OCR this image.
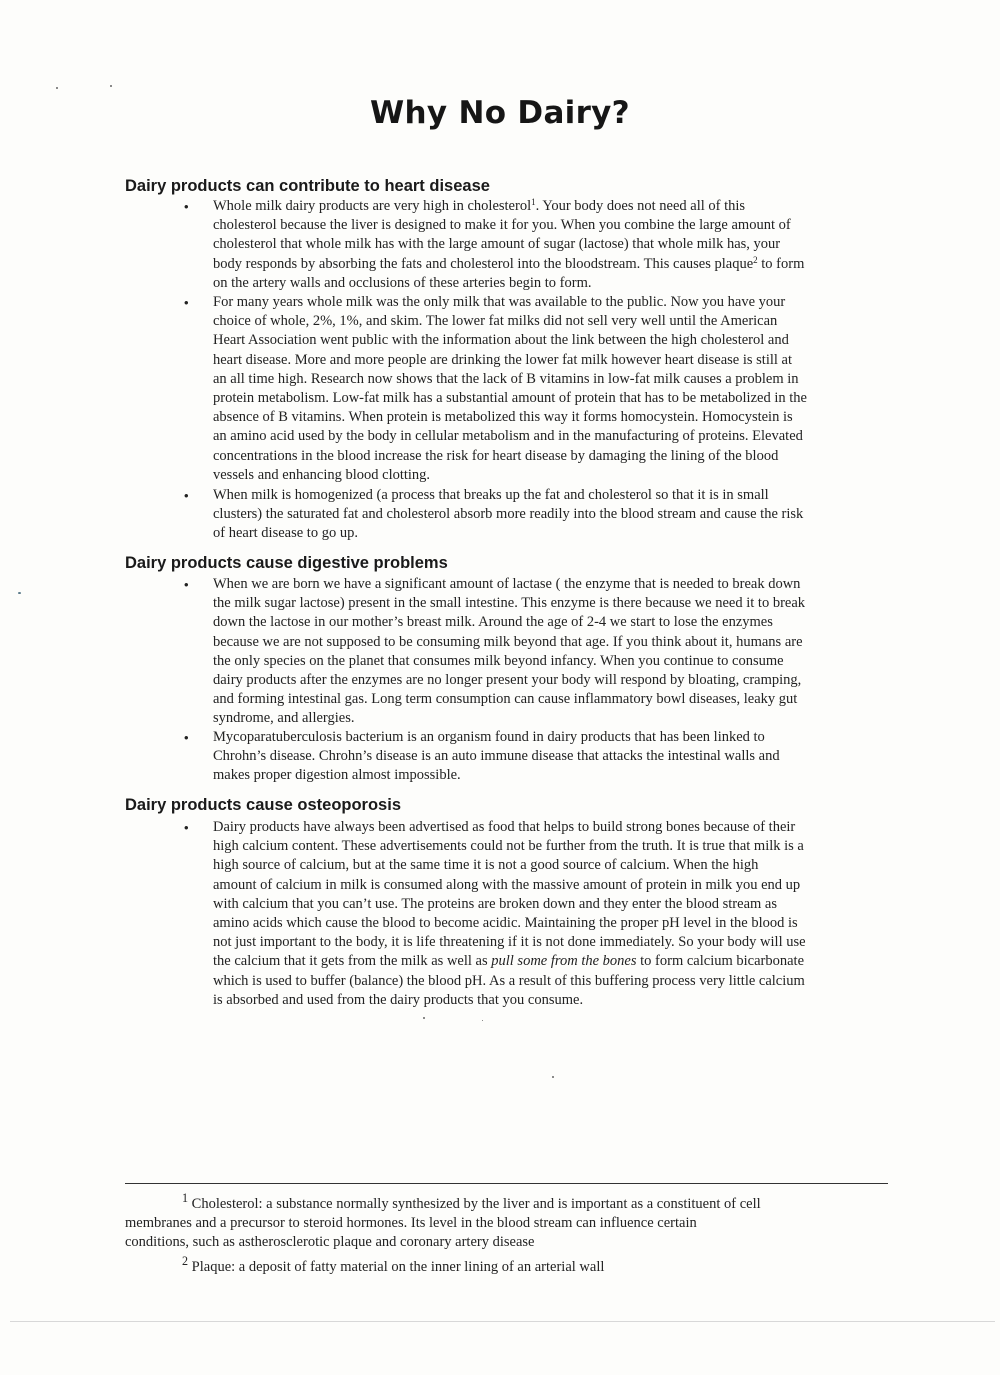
Why No Dairy?
Dairy products can contribute to heart disease
• Whole milk dairy products are very high in cholesterol$^1$. Your body does not need all of this
cholesterol because the liver is designed to make it for you. When you combine the large amount of
cholesterol that whole milk has with the large amount of sugar (lactose) that whole milk has, your
body responds by absorbing the fats and cholesterol into the bloodstream. This causes plaque$^2$ to form
on the artery walls and occlusions of these arteries begin to form.
• For many years whole milk was the only milk that was available to the public. Now you have your
choice of whole, 2%, 1%, and skim. The lower fat milks did not sell very well until the American
Heart Association went public with the information about the link between the high cholesterol and
heart disease. More and more people are drinking the lower fat milk however heart disease is still at
an all time high. Research now shows that the lack of B vitamins in low-fat milk causes a problem in
protein metabolism. Low-fat milk has a substantial amount of protein that has to be metabolized in the
absence of B vitamins. When protein is metabolized this way it forms homocystein. Homocystein is
an amino acid used by the body in cellular metabolism and in the manufacturing of proteins. Elevated
concentrations in the blood increase the risk for heart disease by damaging the lining of the blood
vessels and enhancing blood clotting.
• When milk is homogenized (a process that breaks up the fat and cholesterol so that it is in small
clusters) the saturated fat and cholesterol absorb more readily into the blood stream and cause the risk
of heart disease to go up.
Dairy products cause digestive problems
• When we are born we have a significant amount of lactase ( the enzyme that is needed to break down
the milk sugar lactose) present in the small intestine. This enzyme is there because we need it to break
down the lactose in our mother’s breast milk. Around the age of 2-4 we start to lose the enzymes
because we are not supposed to be consuming milk beyond that age. If you think about it, humans are
the only species on the planet that consumes milk beyond infancy. When you continue to consume
dairy products after the enzymes are no longer present your body will respond by bloating, cramping,
and forming intestinal gas. Long term consumption can cause inflammatory bowl diseases, leaky gut
syndrome, and allergies.
• Mycoparatuberculosis bacterium is an organism found in dairy products that has been linked to
Chrohn’s disease. Chrohn’s disease is an auto immune disease that attacks the intestinal walls and
makes proper digestion almost impossible.
Dairy products cause osteoporosis
• Dairy products have always been advertised as food that helps to build strong bones because of their
high calcium content. These advertisements could not be further from the truth. It is true that milk is a
high source of calcium, but at the same time it is not a good source of calcium. When the high
amount of calcium in milk is consumed along with the massive amount of protein in milk you end up
with calcium that you can’t use. The proteins are broken down and they enter the blood stream as
amino acids which cause the blood to become acidic. Maintaining the proper pH level in the blood is
not just important to the body, it is life threatening if it is not done immediately. So your body will use
the calcium that it gets from the milk as well as pull some from the bones to form calcium bicarbonate
which is used to buffer (balance) the blood pH. As a result of this buffering process very little calcium
is absorbed and used from the dairy products that you consume.
$^1$ Cholesterol: a substance normally synthesized by the liver and is important as a constituent of cell
membranes and a precursor to steroid hormones. Its level in the blood stream can influence certain
conditions, such as astherosclerotic plaque and coronary artery disease
$^2$ Plaque: a deposit of fatty material on the inner lining of an arterial wall
